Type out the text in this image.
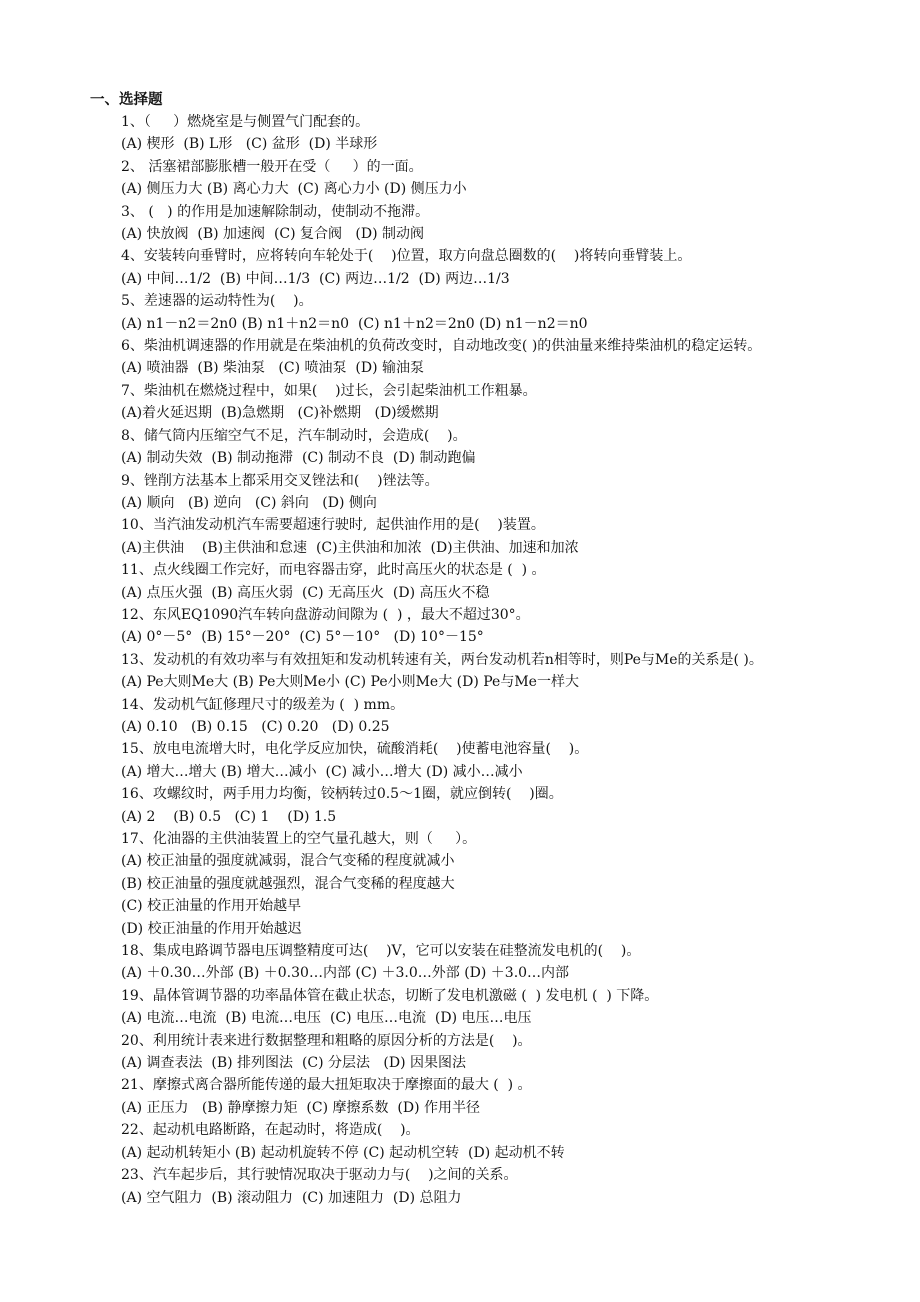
一、选择题
1、（     ）燃烧室是与侧置气门配套的。
(A) 楔形  (B) L形   (C) 盆形  (D) 半球形
2、 活塞裙部膨胀槽一般开在受（     ）的一面。
(A) 侧压力大 (B) 离心力大  (C) 离心力小 (D) 侧压力小
3、 (   ) 的作用是加速解除制动，使制动不拖滞。
(A) 快放阀  (B) 加速阀  (C) 复合阀   (D) 制动阀
4、安装转向垂臂时，应将转向车轮处于(    )位置，取方向盘总圈数的(    )将转向垂臂装上。
(A) 中间…1/2  (B) 中间…1/3  (C) 两边…1/2  (D) 两边…1/3
5、差速器的运动特性为(    )。
(A) n1－n2＝2n0 (B) n1＋n2＝n0  (C) n1＋n2＝2n0 (D) n1－n2＝n0
6、柴油机调速器的作用就是在柴油机的负荷改变时，自动地改变( )的供油量来维持柴油机的稳定运转。
(A) 喷油器  (B) 柴油泵   (C) 喷油泵  (D) 输油泵
7、柴油机在燃烧过程中，如果(    )过长，会引起柴油机工作粗暴。
(A)着火延迟期  (B)急燃期   (C)补燃期   (D)缓燃期
8、储气筒内压缩空气不足，汽车制动时，会造成(    )。
(A) 制动失效  (B) 制动拖滞  (C) 制动不良  (D) 制动跑偏
9、锉削方法基本上都采用交叉锉法和(    )锉法等。
(A) 顺向   (B) 逆向   (C) 斜向   (D) 侧向
10、当汽油发动机汽车需要超速行驶时,  起供油作用的是(    )装置。
(A)主供油    (B)主供油和怠速  (C)主供油和加浓  (D)主供油、加速和加浓
11、点火线圈工作完好，而电容器击穿，此时高压火的状态是 (  ) 。
(A) 点压火强  (B) 高压火弱  (C) 无高压火  (D) 高压火不稳
12、东风EQ1090汽车转向盘游动间隙为 (  ) ，最大不超过30°。
(A) 0°－5°  (B) 15°－20°  (C) 5°－10°   (D) 10°－15°
13、发动机的有效功率与有效扭矩和发动机转速有关，两台发动机若n相等时，则Pe与Me的关系是( )。
(A) Pe大则Me大 (B) Pe大则Me小 (C) Pe小则Me大 (D) Pe与Me一样大
14、发动机气缸修理尺寸的级差为 (  ) mm。
(A) 0.10   (B) 0.15   (C) 0.20   (D) 0.25
15、放电电流增大时，电化学反应加快，硫酸消耗(    )使蓄电池容量(    )。
(A) 增大…增大 (B) 增大…减小  (C) 减小…增大 (D) 减小…减小
16、攻螺纹时，两手用力均衡，铰柄转过0.5～1圈，就应倒转(    )圈。
(A) 2    (B) 0.5   (C) 1    (D) 1.5
17、化油器的主供油装置上的空气量孔越大，则（     ）。
(A) 校正油量的强度就减弱，混合气变稀的程度就减小
(B) 校正油量的强度就越强烈，混合气变稀的程度越大
(C) 校正油量的作用开始越早
(D) 校正油量的作用开始越迟
18、集成电路调节器电压调整精度可达(    )V，它可以安装在硅整流发电机的(    )。
(A) ＋0.30…外部 (B) ＋0.30…内部 (C) ＋3.0…外部 (D) ＋3.0…内部
19、晶体管调节器的功率晶体管在截止状态，切断了发电机激磁 (  ) 发电机 (  ) 下降。
(A) 电流…电流  (B) 电流…电压  (C) 电压…电流  (D) 电压…电压
20、利用统计表来进行数据整理和粗略的原因分析的方法是(    )。
(A) 调查表法  (B) 排列图法  (C) 分层法   (D) 因果图法
21、摩擦式离合器所能传递的最大扭矩取决于摩擦面的最大 (  ) 。
(A) 正压力   (B) 静摩擦力矩  (C) 摩擦系数  (D) 作用半径
22、起动机电路断路，在起动时，将造成(    )。
(A) 起动机转矩小 (B) 起动机旋转不停 (C) 起动机空转  (D) 起动机不转
23、汽车起步后，其行驶情况取决于驱动力与(    )之间的关系。
(A) 空气阻力  (B) 滚动阻力  (C) 加速阻力  (D) 总阻力
